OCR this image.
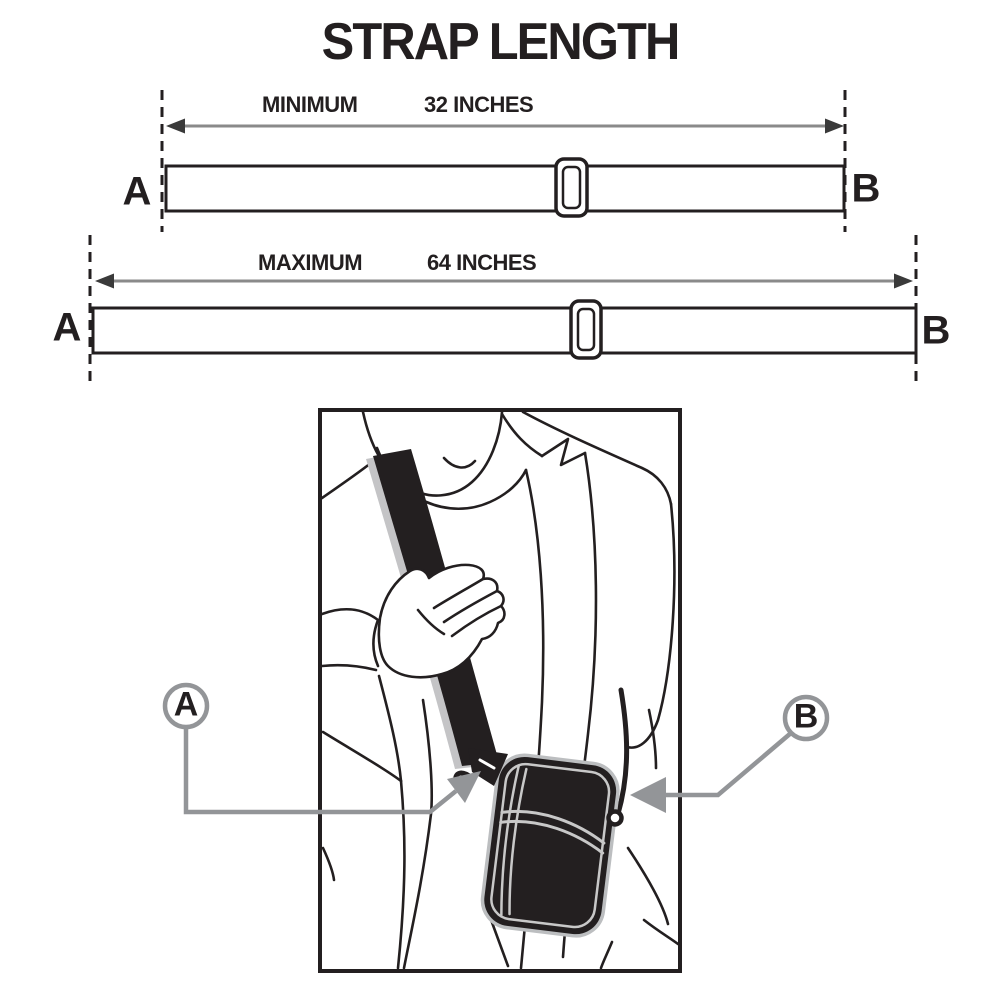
STRAP LENGTH
MINIMUM	32 INCHES
A	B
MAXIMUM	64 INCHES
A	B
A	B
